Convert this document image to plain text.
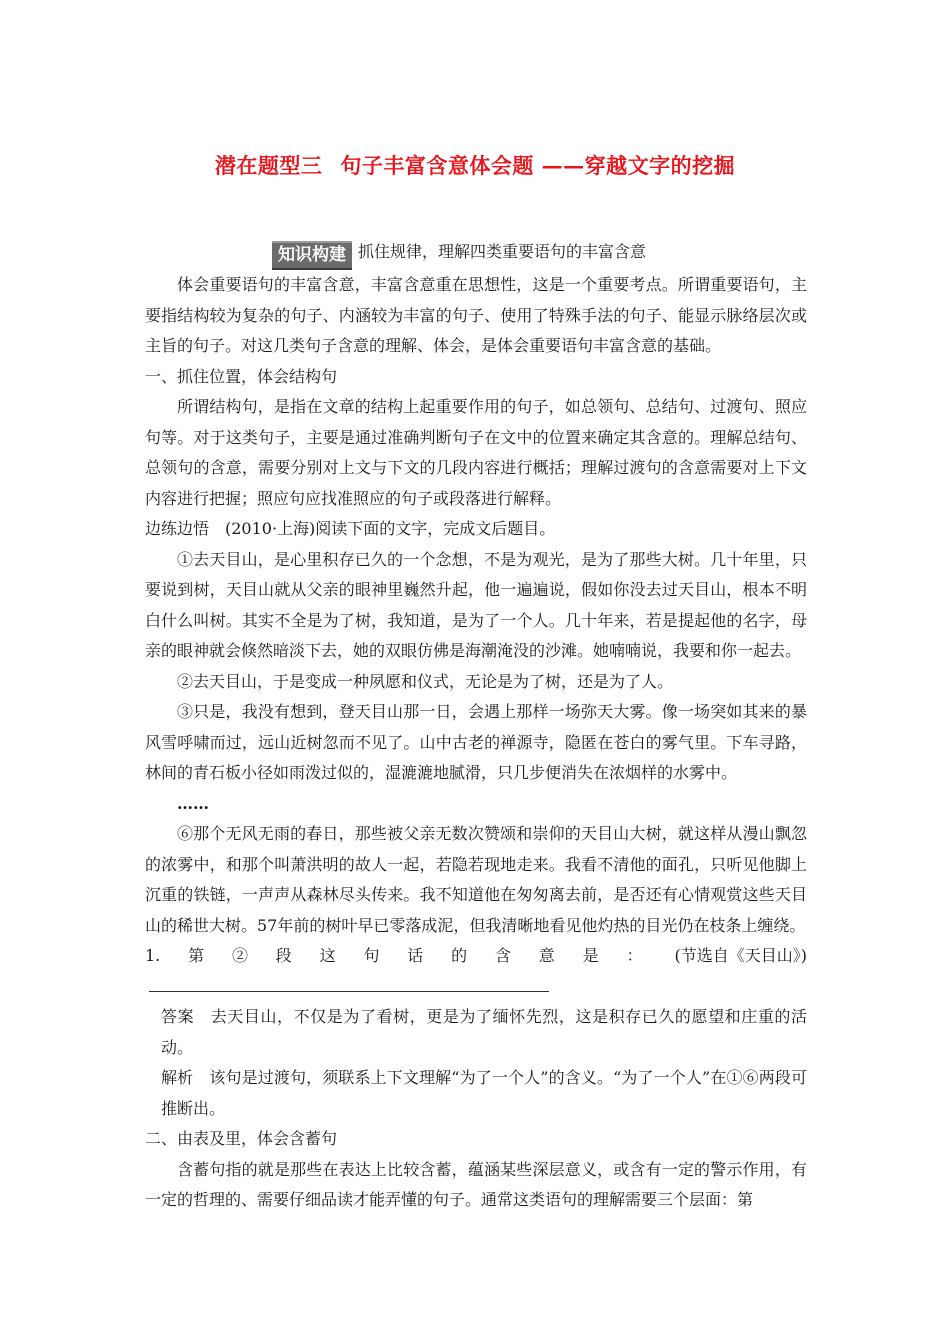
潜在题型三 句子丰富含意体会题 ——穿越文字的挖掘
知识构建 抓住规律，理解四类重要语句的丰富含意

体会重要语句的丰富含意，丰富含意重在思想性，这是一个重要考点。所谓重要语句，主要指结构较为复杂的句子、内涵较为丰富的句子、使用了特殊手法的句子、能显示脉络层次或主旨的句子。对这几类句子含意的理解、体会，是体会重要语句丰富含意的基础。

一、抓住位置，体会结构句

所谓结构句，是指在文章的结构上起重要作用的句子，如总领句、总结句、过渡句、照应句等。对于这类句子，主要是通过准确判断句子在文中的位置来确定其含意的。理解总结句、总领句的含意，需要分别对上文与下文的几段内容进行概括；理解过渡句的含意需要对上下文内容进行把握；照应句应找准照应的句子或段落进行解释。

边练边悟　(2010·上海)阅读下面的文字，完成文后题目。

①去天目山，是心里积存已久的一个念想，不是为观光，是为了那些大树。几十年里，只要说到树，天目山就从父亲的眼神里巍然升起，他一遍遍说，假如你没去过天目山，根本不明白什么叫树。其实不全是为了树，我知道，是为了一个人。几十年来，若是提起他的名字，母亲的眼神就会倏然暗淡下去，她的双眼仿佛是海潮淹没的沙滩。她喃喃说，我要和你一起去。

②去天目山，于是变成一种夙愿和仪式，无论是为了树，还是为了人。

③只是，我没有想到，登天目山那一日，会遇上那样一场弥天大雾。像一场突如其来的暴风雪呼啸而过，远山近树忽而不见了。山中古老的禅源寺，隐匿在苍白的雾气里。下车寻路，林间的青石板小径如雨泼过似的，湿漉漉地腻滑，只几步便消失在浓烟样的水雾中。

……

⑥那个无风无雨的春日，那些被父亲无数次赞颂和崇仰的天目山大树，就这样从漫山飘忽的浓雾中，和那个叫萧洪明的故人一起，若隐若现地走来。我看不清他的面孔，只听见他脚上沉重的铁链，一声声从森林尽头传来。我不知道他在匆匆离去前，是否还有心情观赏这些天目山的稀世大树。57年前的树叶早已零落成泥，但我清晰地看见他灼热的目光仍在枝条上缠绕。
(节选自《天目山》)

1.第②段这句话的含意是：

答案　去天目山，不仅是为了看树，更是为了缅怀先烈，这是积存已久的愿望和庄重的活动。

解析　该句是过渡句，须联系上下文理解“为了一个人”的含义。“为了一个人”在①⑥两段可推断出。

二、由表及里，体会含蓄句

含蓄句指的就是那些在表达上比较含蓄，蕴涵某些深层意义，或含有一定的警示作用，有一定的哲理的、需要仔细品读才能弄懂的句子。通常这类语句的理解需要三个层面：第
